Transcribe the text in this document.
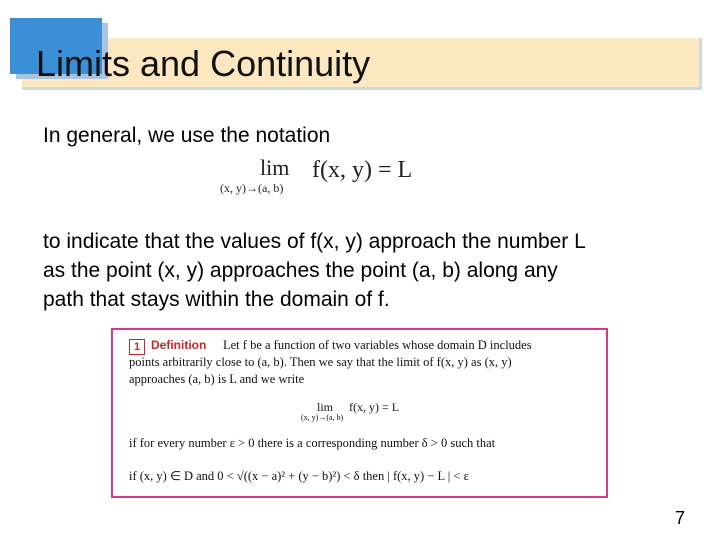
Limits and Continuity
In general, we use the notation
lim
(x, y)→(a, b)
f(x, y) = L
to indicate that the values of f(x, y) approach the number L
as the point (x, y) approaches the point (a, b) along any
path that stays within the domain of f.
1 Definition Let f be a function of two variables whose domain D includes
points arbitrarily close to (a, b). Then we say that the limit of f(x, y) as (x, y)
approaches (a, b) is L and we write
lim
(x, y)→(a, b)
f(x, y) = L
if for every number ε > 0 there is a corresponding number δ > 0 such that
if (x, y) ∈ D and 0 < √((x − a)² + (y − b)²) < δ then | f(x, y) − L | < ε
7
